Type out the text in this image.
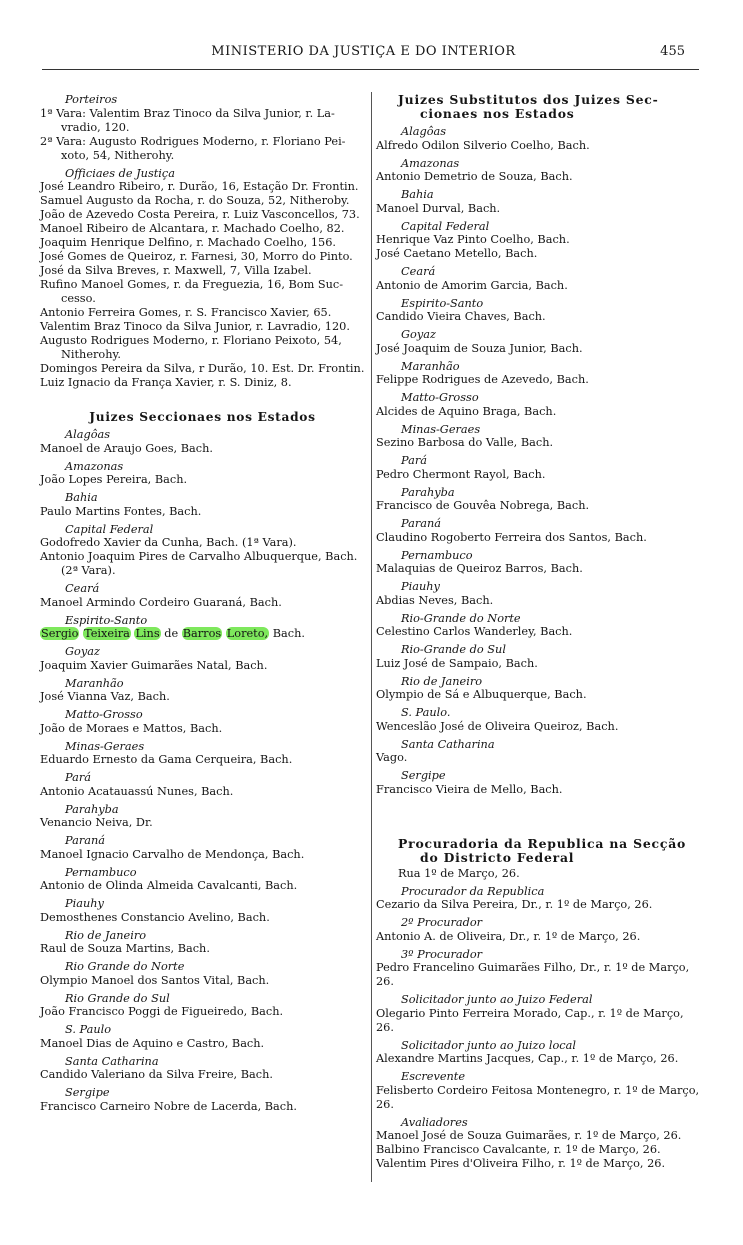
MINISTERIO DA JUSTIÇA E DO INTERIOR	455
Porteiros
1ª Vara: Valentim Braz Tinoco da Silva Junior, r. La-
vradio, 120.
2ª Vara: Augusto Rodrigues Moderno, r. Floriano Pei-
xoto, 54, Nitherohy.
Officiaes de Justiça
José Leandro Ribeiro, r. Durão, 16, Estação Dr. Frontin.
Samuel Augusto da Rocha, r. do Souza, 52, Nitheroby.
João de Azevedo Costa Pereira, r. Luiz Vasconcellos, 73.
Manoel Ribeiro de Alcantara, r. Machado Coelho, 82.
Joaquim Henrique Delfino, r. Machado Coelho, 156.
José Gomes de Queiroz, r. Farnesi, 30, Morro do Pinto.
José da Silva Breves, r. Maxwell, 7, Villa Izabel.
Rufino Manoel Gomes, r. da Freguezia, 16, Bom Suc-
cesso.
Antonio Ferreira Gomes, r. S. Francisco Xavier, 65.
Valentim Braz Tinoco da Silva Junior, r. Lavradio, 120.
Augusto Rodrigues Moderno, r. Floriano Peixoto, 54,
Nitherohy.
Domingos Pereira da Silva, r Durão, 10. Est. Dr. Frontin.
Luiz Ignacio da França Xavier, r. S. Diniz, 8.
Juizes Seccionaes nos Estados
Alagôas
Manoel de Araujo Goes, Bach.
Amazonas
João Lopes Pereira, Bach.
Bahia
Paulo Martins Fontes, Bach.
Capital Federal
Godofredo Xavier da Cunha, Bach. (1ª Vara).
Antonio Joaquim Pires de Carvalho Albuquerque, Bach.
(2ª Vara).
Ceará
Manoel Armindo Cordeiro Guaraná, Bach.
Espirito-Santo
Sergio Teixeira Lins de Barros Loreto, Bach.
Goyaz
Joaquim Xavier Guimarães Natal, Bach.
Maranhão
José Vianna Vaz, Bach.
Matto-Grosso
João de Moraes e Mattos, Bach.
Minas-Geraes
Eduardo Ernesto da Gama Cerqueira, Bach.
Pará
Antonio Acatauassú Nunes, Bach.
Parahyba
Venancio Neiva, Dr.
Paraná
Manoel Ignacio Carvalho de Mendonça, Bach.
Pernambuco
Antonio de Olinda Almeida Cavalcanti, Bach.
Piauhy
Demosthenes Constancio Avelino, Bach.
Rio de Janeiro
Raul de Souza Martins, Bach.
Rio Grande do Norte
Olympio Manoel dos Santos Vital, Bach.
Rio Grande do Sul
João Francisco Poggi de Figueiredo, Bach.
S. Paulo
Manoel Dias de Aquino e Castro, Bach.
Santa Catharina
Candido Valeriano da Silva Freire, Bach.
Sergipe
Francisco Carneiro Nobre de Lacerda, Bach.
Juizes Substitutos dos Juizes Sec-
cionaes nos Estados
Alagôas
Alfredo Odilon Silverio Coelho, Bach.
Amazonas
Antonio Demetrio de Souza, Bach.
Bahia
Manoel Durval, Bach.
Capital Federal
Henrique Vaz Pinto Coelho, Bach.
José Caetano Metello, Bach.
Ceará
Antonio de Amorim Garcia, Bach.
Espirito-Santo
Candido Vieira Chaves, Bach.
Goyaz
José Joaquim de Souza Junior, Bach.
Maranhão
Felippe Rodrigues de Azevedo, Bach.
Matto-Grosso
Alcides de Aquino Braga, Bach.
Minas-Geraes
Sezino Barbosa do Valle, Bach.
Pará
Pedro Chermont Rayol, Bach.
Parahyba
Francisco de Gouvêa Nobrega, Bach.
Paraná
Claudino Rogoberto Ferreira dos Santos, Bach.
Pernambuco
Malaquias de Queiroz Barros, Bach.
Piauhy
Abdias Neves, Bach.
Rio-Grande do Norte
Celestino Carlos Wanderley, Bach.
Rio-Grande do Sul
Luiz José de Sampaio, Bach.
Rio de Janeiro
Olympio de Sá e Albuquerque, Bach.
S. Paulo.
Wenceslão José de Oliveira Queiroz, Bach.
Santa Catharina
Vago.
Sergipe
Francisco Vieira de Mello, Bach.
Procuradoria da Republica na Secção
do Districto Federal
Rua 1º de Março, 26.
Procurador da Republica
Cezario da Silva Pereira, Dr., r. 1º de Março, 26.
2º Procurador
Antonio A. de Oliveira, Dr., r. 1º de Março, 26.
3º Procurador
Pedro Francelino Guimarães Filho, Dr., r. 1º de Março, 26.
Solicitador junto ao Juizo Federal
Olegario Pinto Ferreira Morado, Cap., r. 1º de Março, 26.
Solicitador junto ao Juizo local
Alexandre Martins Jacques, Cap., r. 1º de Março, 26.
Escrevente
Felisberto Cordeiro Feitosa Montenegro, r. 1º de Março, 26.
Avaliadores
Manoel José de Souza Guimarães, r. 1º de Março, 26.
Balbino Francisco Cavalcante, r. 1º de Março, 26.
Valentim Pires d'Oliveira Filho, r. 1º de Março, 26.
